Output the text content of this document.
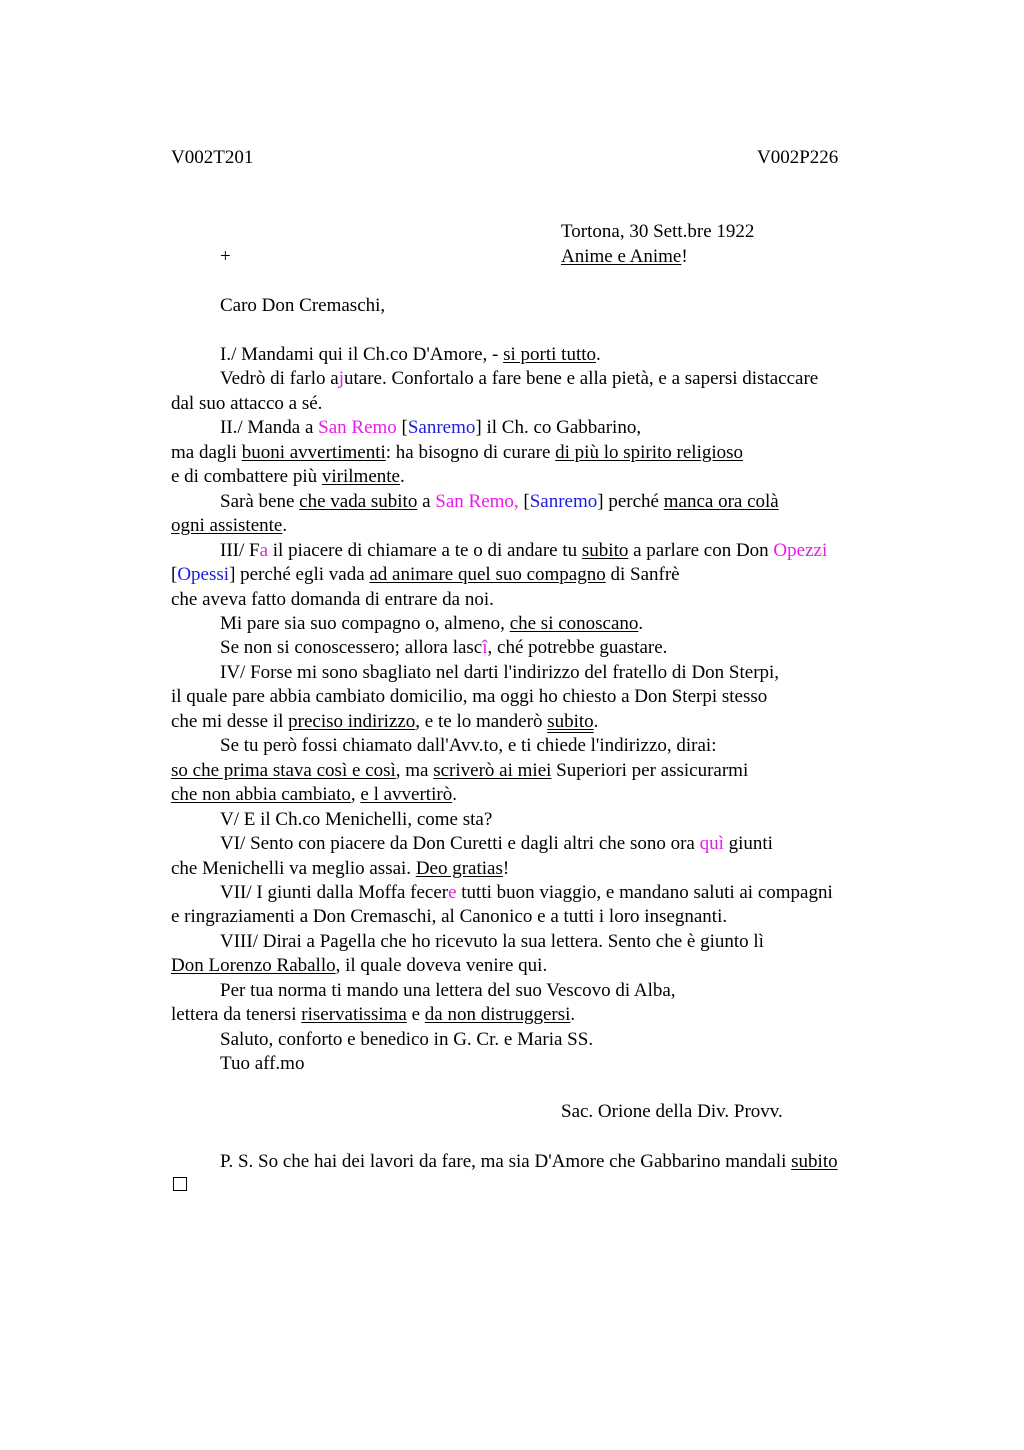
V002T201	V002P226
Tortona, 30 Sett.bre 1922
+	Anime e Anime!
Caro Don Cremaschi,
I./ Mandami qui il Ch.co D'Amore, - si porti tutto.
Vedrò di farlo ajutare. Confortalo a fare bene e alla pietà, e a sapersi distaccare
dal suo attacco a sé.
II./ Manda a San Remo [Sanremo] il Ch. co Gabbarino,
ma dagli buoni avvertimenti: ha bisogno di curare di più lo spirito religioso
e di combattere più virilmente.
Sarà bene che vada subito a San Remo, [Sanremo] perché manca ora colà
ogni assistente.
III/ Fa il piacere di chiamare a te o di andare tu subito a parlare con Don Opezzi
[Opessi] perché egli vada ad animare quel suo compagno di Sanfrè
che aveva fatto domanda di entrare da noi.
Mi pare sia suo compagno o, almeno, che si conoscano.
Se non si conoscessero; allora lascî, ché potrebbe guastare.
IV/ Forse mi sono sbagliato nel darti l'indirizzo del fratello di Don Sterpi,
il quale pare abbia cambiato domicilio, ma oggi ho chiesto a Don Sterpi stesso
che mi desse il preciso indirizzo, e te lo manderò subito.
Se tu però fossi chiamato dall'Avv.to, e ti chiede l'indirizzo, dirai:
so che prima stava così e così, ma scriverò ai miei Superiori per assicurarmi
che non abbia cambiato, e l avvertirò.
V/ E il Ch.co Menichelli, come sta?
VI/ Sento con piacere da Don Curetti e dagli altri che sono ora quì giunti
che Menichelli va meglio assai. Deo gratias!
VII/ I giunti dalla Moffa fecere tutti buon viaggio, e mandano saluti ai compagni
e ringraziamenti a Don Cremaschi, al Canonico e a tutti i loro insegnanti.
VIII/ Dirai a Pagella che ho ricevuto la sua lettera. Sento che è giunto lì
Don Lorenzo Raballo, il quale doveva venire qui.
Per tua norma ti mando una lettera del suo Vescovo di Alba,
lettera da tenersi riservatissima e da non distruggersi.
Saluto, conforto e benedico in G. Cr. e Maria SS.
Tuo aff.mo
Sac. Orione della Div. Provv.
P. S. So che hai dei lavori da fare, ma sia D'Amore che Gabbarino mandali subito
